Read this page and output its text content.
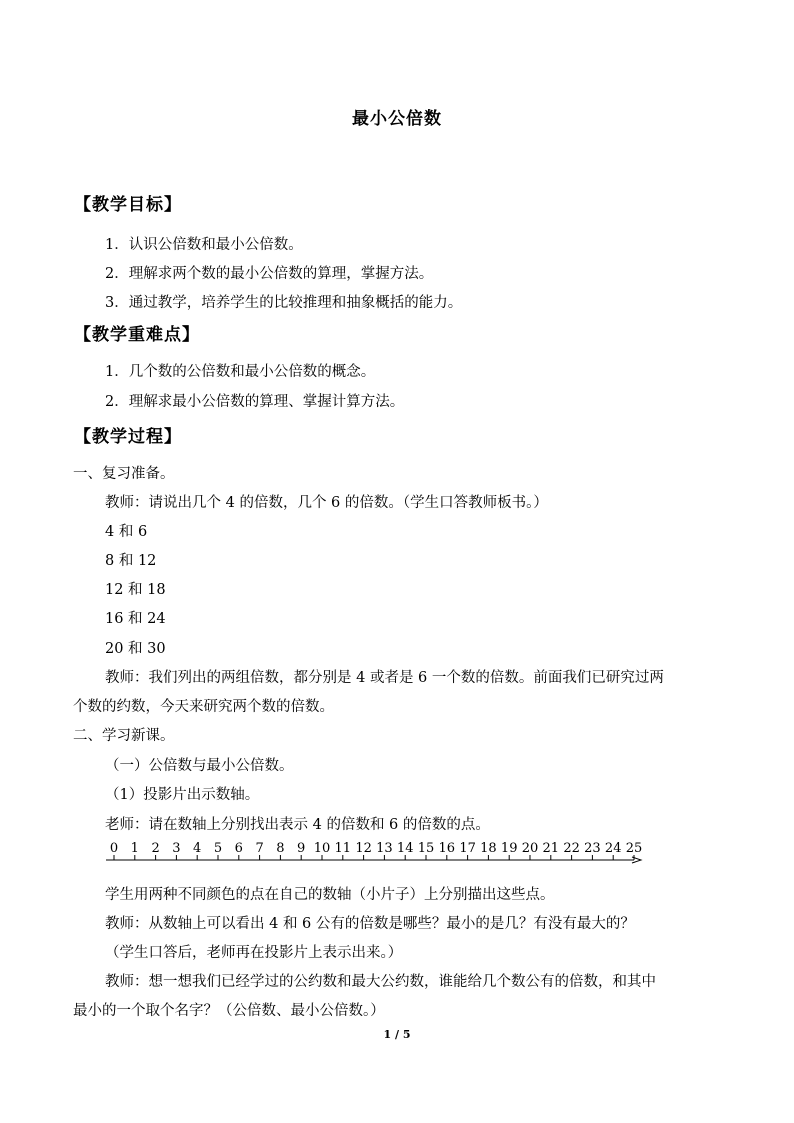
最小公倍数
【教学目标】
1．认识公倍数和最小公倍数。
2．理解求两个数的最小公倍数的算理，掌握方法。
3．通过教学，培养学生的比较推理和抽象概括的能力。
【教学重难点】
1．几个数的公倍数和最小公倍数的概念。
2．理解求最小公倍数的算理、掌握计算方法。
【教学过程】
一、复习准备。
教师：请说出几个 4 的倍数，几个 6 的倍数。（学生口答教师板书。）
4 和 6
8 和 12
12 和 18
16 和 24
20 和 30
教师：我们列出的两组倍数，都分别是 4 或者是 6 一个数的倍数。前面我们已研究过两
个数的约数，今天来研究两个数的倍数。
二、学习新课。
（一）公倍数与最小公倍数。
（1）投影片出示数轴。
老师：请在数轴上分别找出表示 4 的倍数和 6 的倍数的点。
0 1 2 3 4 5 6 7 8 9 10 11 12 13 14 15 16 17 18 19 20 21 22 23 24 25
学生用两种不同颜色的点在自己的数轴（小片子）上分别描出这些点。
教师：从数轴上可以看出 4 和 6 公有的倍数是哪些？最小的是几？有没有最大的？
（学生口答后，老师再在投影片上表示出来。）
教师：想一想我们已经学过的公约数和最大公约数，谁能给几个数公有的倍数，和其中
最小的一个取个名字？（公倍数、最小公倍数。）
1 / 5
